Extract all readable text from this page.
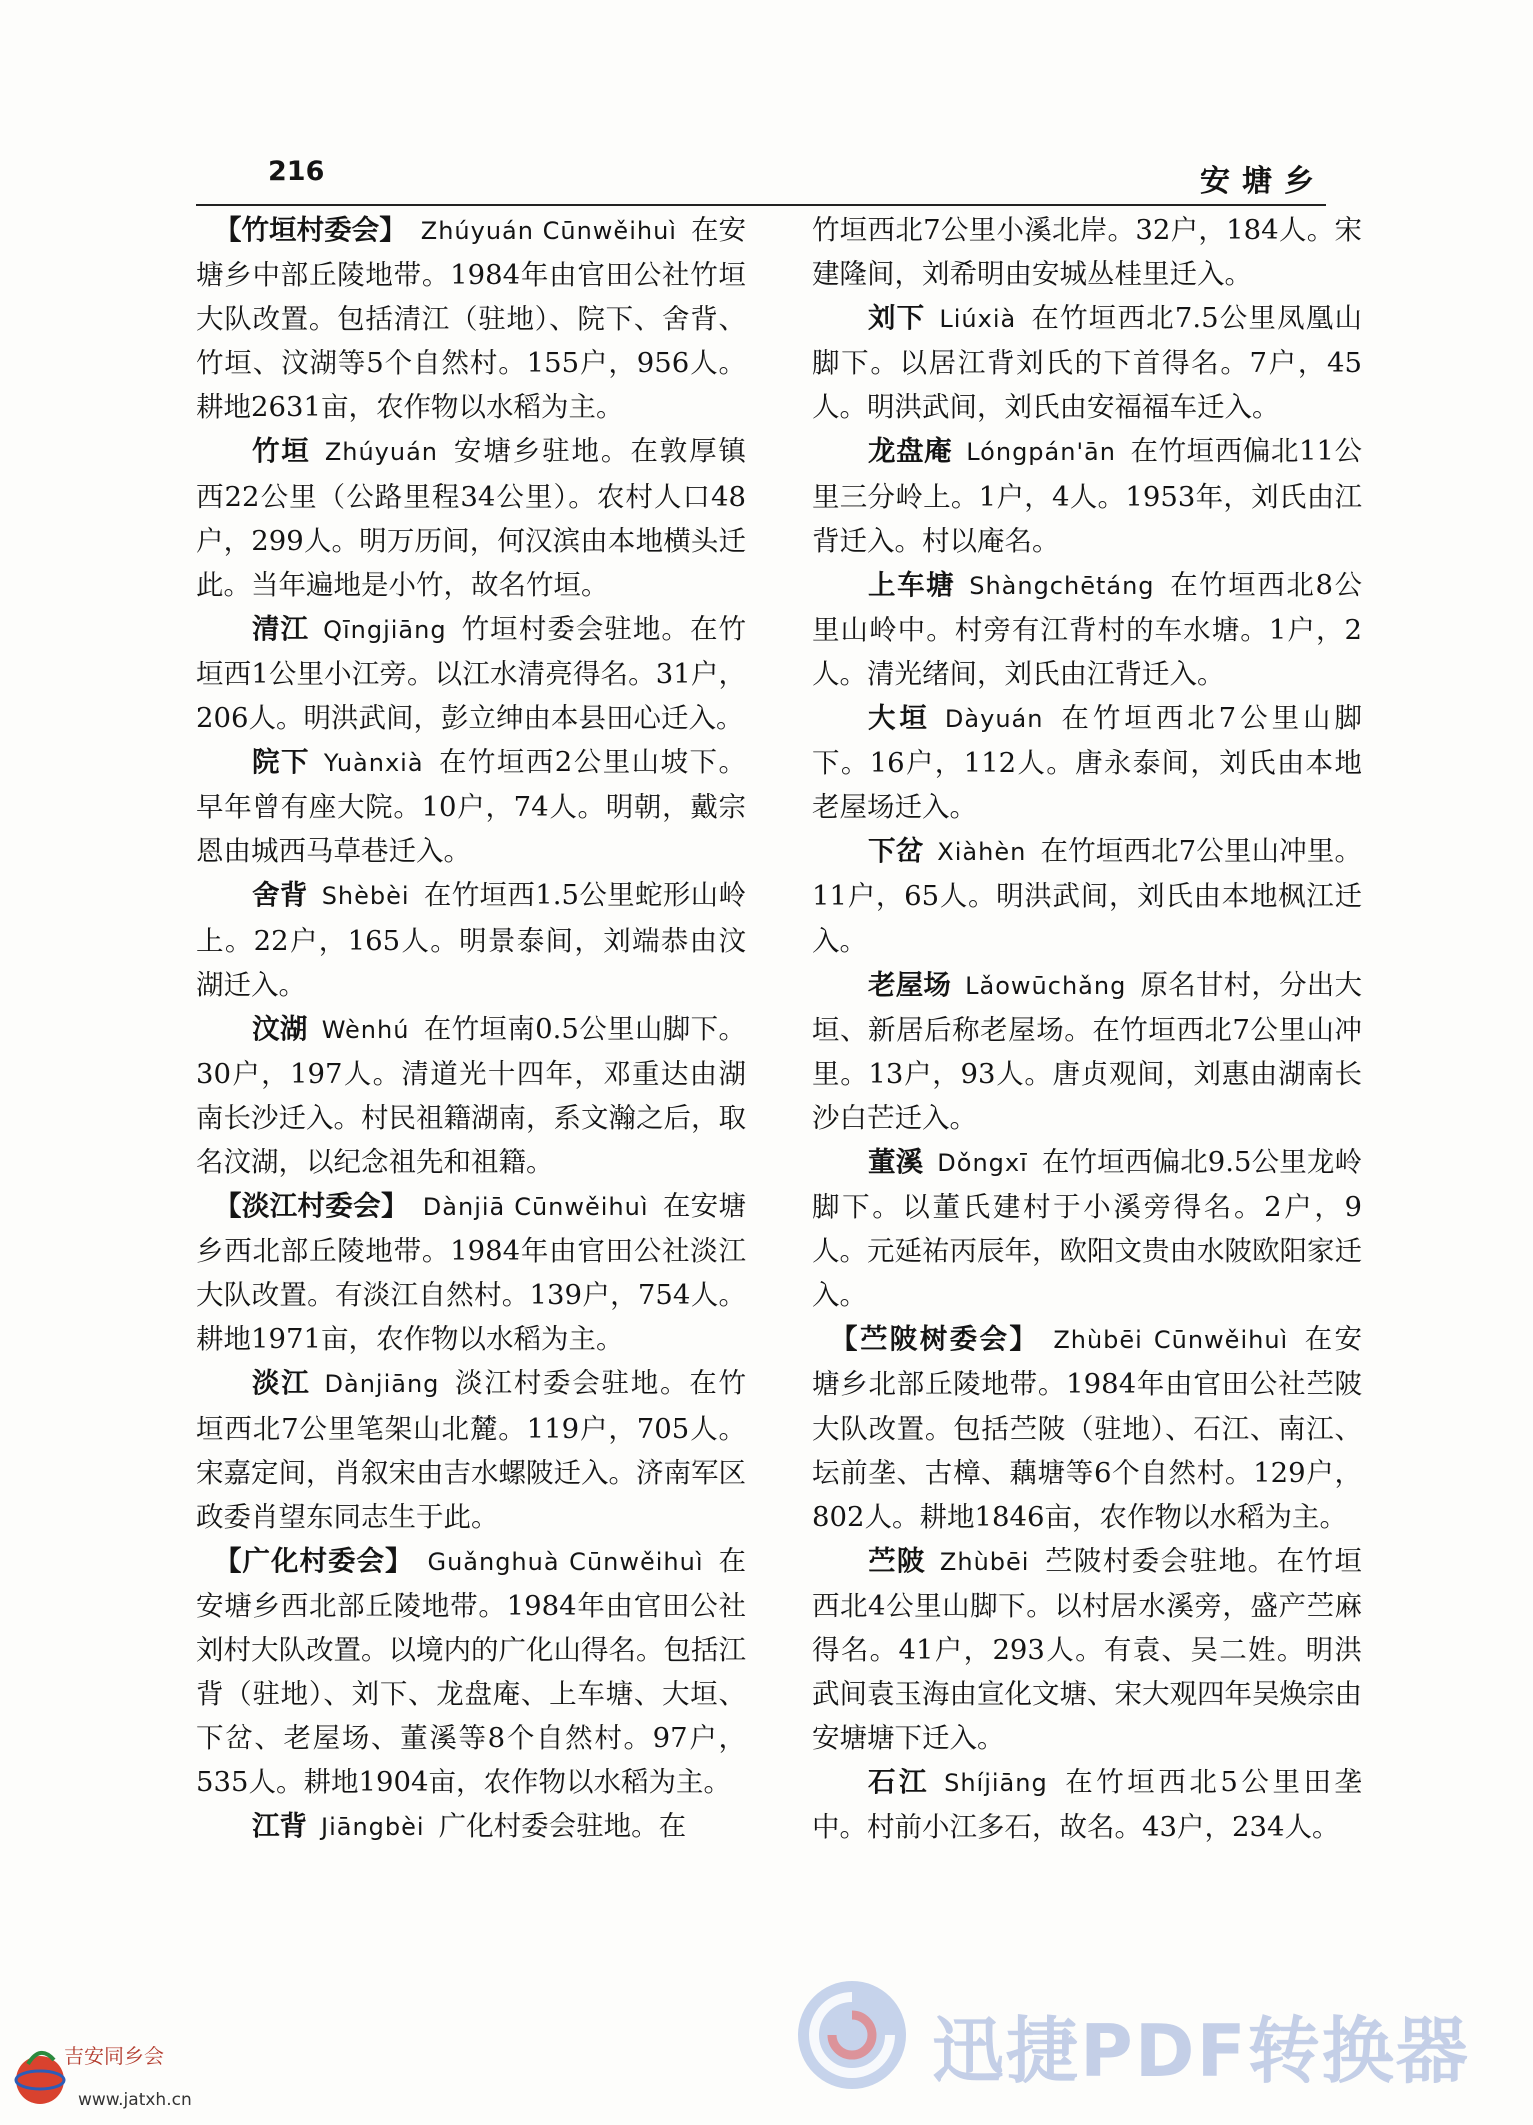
216	安塘乡

【 竹垣村委会 】 Zhúyuán Cūnwěihuì 在安塘乡中部丘陵地带。1984年由官田公社竹垣大队改置。包括清江（驻地）、院下、舍背、竹垣、汶湖等5个自然村。155户，956人。耕地2631亩，农作物以水稻为主。

竹垣 Zhúyuán 安塘乡驻地。在敦厚镇西22公里（公路里程34公里）。农村人口48户，299人。明万历间，何汉滨由本地横头迁此。当年遍地是小竹，故名竹垣。

清江 Qīngjiāng 竹垣村委会驻地。在竹垣西1公里小江旁。以江水清亮得名。31户，206人。明洪武间，彭立绅由本县田心迁入。

院下 Yuànxià 在竹垣西2公里山坡下。早年曾有座大院。10户，74人。明朝，戴宗恩由城西马草巷迁入。

舍背 Shèbèi 在竹垣西1.5公里蛇形山岭上。22户，165人。明景泰间，刘端恭由汶湖迁入。

汶湖 Wènhú 在竹垣南0.5公里山脚下。30户，197人。清道光十四年，邓重达由湖南长沙迁入。村民祖籍湖南，系文瀚之后，取名汶湖，以纪念祖先和祖籍。

【 淡江村委会 】 Dànjiā Cūnwěihuì 在安塘乡西北部丘陵地带。1984年由官田公社淡江大队改置。有淡江自然村。139户，754人。耕地1971亩，农作物以水稻为主。

淡江 Dànjiāng 淡江村委会驻地。在竹垣西北7公里笔架山北麓。119户，705人。宋嘉定间，肖叙宋由吉水螺陂迁入。济南军区政委肖望东同志生于此。

【 广化村委会 】 Guǎnghuà Cūnwěihuì 在安塘乡西北部丘陵地带。1984年由官田公社刘村大队改置。以境内的广化山得名。包括江背（驻地）、刘下、龙盘庵、上车塘、大垣、下岔、老屋场、董溪等8个自然村。97户，535人。耕地1904亩，农作物以水稻为主。

江背 Jiāngbèi 广化村委会驻地。在

竹垣西北7公里小溪北岸。32户，184人。宋建隆间，刘希明由安城丛桂里迁入。

刘下 Liúxià 在竹垣西北7.5公里凤凰山脚下。以居江背刘氏的下首得名。7户，45人。明洪武间，刘氏由安福福车迁入。

龙盘庵 Lóngpán'ān 在竹垣西偏北11公里三分岭上。1户，4人。1953年，刘氏由江背迁入。村以庵名。

上车塘 Shàngchētáng 在竹垣西北8公里山岭中。村旁有江背村的车水塘。1户，2人。清光绪间，刘氏由江背迁入。

大垣 Dàyuán 在竹垣西北7公里山脚下。16户，112人。唐永泰间，刘氏由本地老屋场迁入。

下岔 Xiàhèn 在竹垣西北7公里山冲里。11户，65人。明洪武间，刘氏由本地枫江迁入。

老屋场 Lǎowūchǎng 原名甘村，分出大垣、新居后称老屋场。在竹垣西北7公里山冲里。13户，93人。唐贞观间，刘惠由湖南长沙白芒迁入。

董溪 Dǒngxī 在竹垣西偏北9.5公里龙岭脚下。以董氏建村于小溪旁得名。2户，9人。元延祐丙辰年，欧阳文贵由水陂欧阳家迁入。

【 苎陂树委会 】 Zhùbēi Cūnwěihuì 在安塘乡北部丘陵地带。1984年由官田公社苎陂大队改置。包括苎陂（驻地）、石江、南江、坛前垄、古樟、藕塘等6个自然村。129户，802人。耕地1846亩，农作物以水稻为主。

苎陂 Zhùbēi 苎陂村委会驻地。在竹垣西北4公里山脚下。以村居水溪旁，盛产苎麻得名。41户，293人。有袁、吴二姓。明洪武间袁玉海由宣化文塘、宋大观四年吴焕宗由安塘塘下迁入。

石江 Shíjiāng 在竹垣西北5公里田垄中。村前小江多石，故名。43户，234人。

迅捷PDF转换器
吉安同乡会
www.jatxh.cn
